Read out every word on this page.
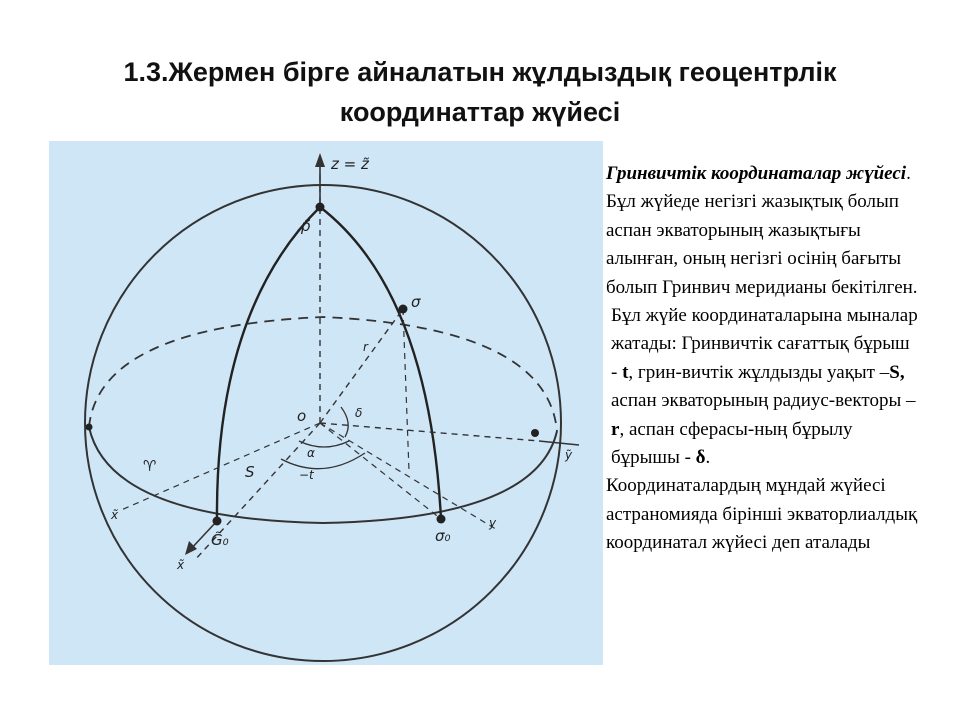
1.3.Жермен бірге айналатын жұлдыздық геоцентрлік
координаттар жүйесі
z = z̃
p̃
o
σ
r
δ
α
−t
S
♈
x̃
x̃
G̃₀
ỹ
y
σ₀

Гринвичтік координаталар жүйесі. Бұл жүйеде негізгі жазықтық болып аспан экваторының жазықтығы алынған, оның негізгі осінің бағыты болып Гринвич меридианы бекітілген.

Бұл жүйе координаталарына мыналар жатады: Гринвичтік сағаттық бұрыш - t, грин-вичтік жұлдызды уақыт –S, аспан экваторының радиус-векторы – r, аспан сферасы-ның бұрылу бұрышы - δ.

Координаталардың мұндай жүйесі астраномияда бірінші экваторлиалдық координатал жүйесі деп аталады
